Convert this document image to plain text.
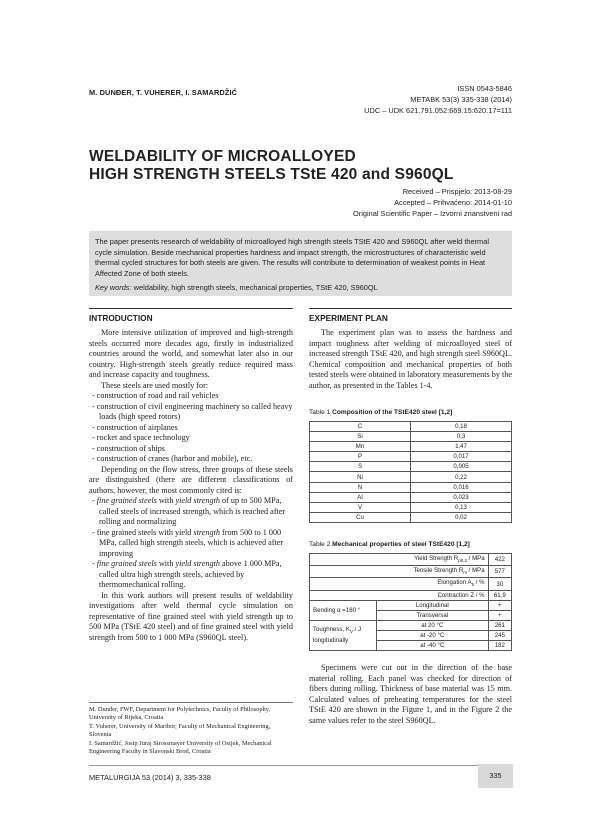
M. DUNĐER, T. VUHERER, I. SAMARDŽIĆ	ISSN 0543-5846
METABK 53(3) 335-338 (2014)
UDC – UDK 621.791.052:669.15:620.17=111
WELDABILITY OF MICROALLOYED
HIGH STRENGTH STEELS TStE 420 and S960QL
Received – Prispjelo: 2013-08-29
Accepted – Prihvaćeno: 2014-01-10
Original Scientific Paper – Izvorni znanstveni rad

The paper presents research of weldability of microalloyed high strength steels TStE 420 and S960QL after weld thermal cycle simulation. Beside mechanical properties hardness and impact strength, the microstructures of characteristic weld thermal cycled structures for both steels are given. The results will contribute to determination of weakest points in Heat Affected Zone of both steels.

Key words: weldability, high strength steels, mechanical properties, TStE 420, S960QL

INTRODUCTION

More intensive utilization of improved and high-strength steels occurred more decades ago, firstly in industrialized countries around the world, and somewhat later also in our country. High-strength steels greatly reduce required mass and increase capacity and toughness.

These steels are used mostly for:

- construction of road and rail vehicles
- construction of civil engineering machinery so called heavy loads (high speed rotors)
- construction of airplanes
- rocket and space technology
- construction of ships
- construction of cranes (harbor and mobile), etc.

Depending on the flow stress, three groups of these steels are distinguished (there are different classifications of authors, however, the most commonly cited is:

- fine grained steels with yield strength of up to 500 MPa, called steels of increased strength, which is reached after rolling and normalizing
- fine grained steels with yield strength from 500 to 1 000 MPa, called high strength steels, which is achieved after improving
- fine grained steels with yield strength above 1 000 MPa, called ultra high strength steels, achieved by thermomechanical rolling.

In this work authors will present results of weldability investigations after weld thermal cycle simulation on representative of fine grained steel with yield strength up to 500 MPa (TStE 420 steel) and of fine grained steel with yield strength from 500 to 1 000 MPa (S960QL steel).

M. Dunđer, FWF, Department for Polytechnics, Faculty of Philosophy, University of Rijeka, Croatia

T. Vuherer, University of Maribor, Faculty of Mechanical Engineering, Slovenia

I. Samardžić, Josip Juraj Strossmayer University of Osijek, Mechanical Engineering Faculty in Slavonski Brod, Croatia

EXPERIMENT PLAN

The experiment plan was to assess the hardness and impact toughness after welding of microalloyed steel of increased strength TStE 420, and high strength steel S960QL. Chemical composition and mechanical properties of both tested steels were obtained in laboratory measurements by the author, as presented in the Tables 1-4.

Table 1 Composition of the TStE420 steel [1,2]
C	0,18
Si	0,3
Mn	1,47
P	0,017
S	0,005
Ni	0,22
N	0,016
Al	0,023
V	0,13
Cu	0,02
Table 2 Mechanical properties of steel TStE420 [1,2]
Yield Strength $R_{p0,2}$ / MPa		422
Tensile Strength $R_m$ / MPa		577
Elongation $A_5$ / %		30
Contraction Z / %		61,9
Bending α =180 °	Longitudinal	+
	Transversal	+
Toughness, $K_V$ / J longitudinally	at 20 °C	261
	at -20 °C	245
	at -40 °C	182

Specimens were cut out in the direction of the base material rolling. Each panel was checked for direction of fibers during rolling. Thickness of base material was 15 mm. Calculated values of preheating temperatures for the steel TStE 420 are shown in the Figure 1, and in the Figure 2 the same values refer to the steel S960QL.

METALURGIJA 53 (2014) 3, 335-338	335
